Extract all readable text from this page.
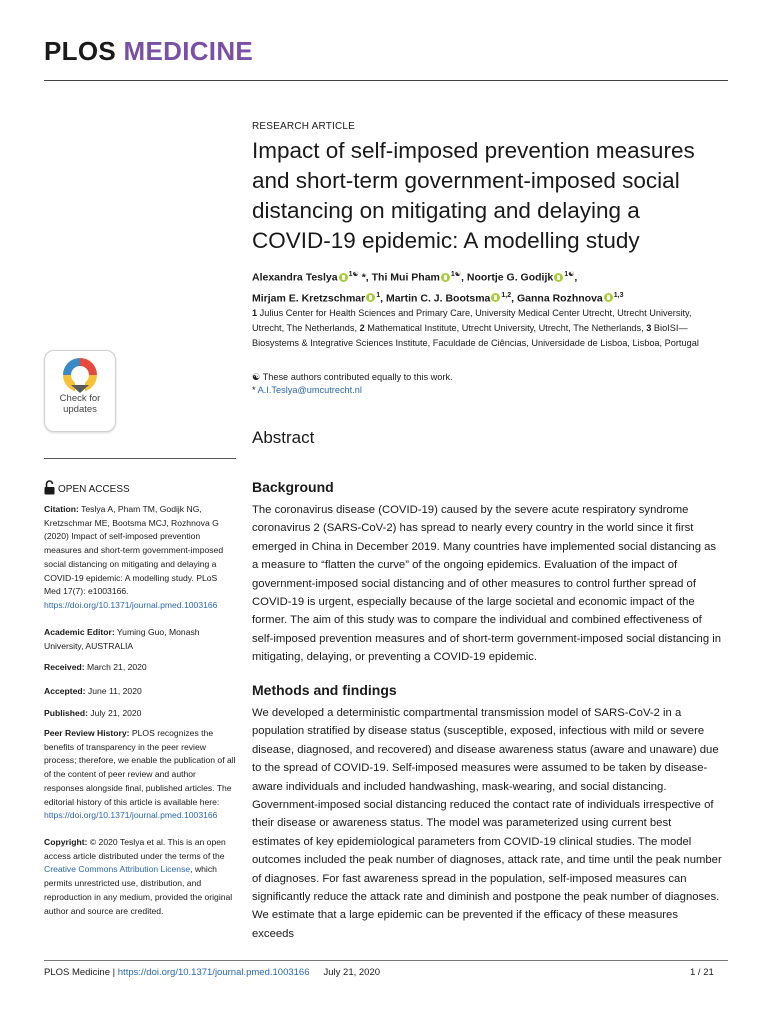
PLOS MEDICINE
Check for updates
OPEN ACCESS

Citation: Teslya A, Pham TM, Godijk NG, Kretzschmar ME, Bootsma MCJ, Rozhnova G (2020) Impact of self-imposed prevention measures and short-term government-imposed social distancing on mitigating and delaying a COVID-19 epidemic: A modelling study. PLoS Med 17(7): e1003166. https://doi.org/10.1371/journal.pmed.1003166

Academic Editor: Yuming Guo, Monash University, AUSTRALIA

Received: March 21, 2020

Accepted: June 11, 2020

Published: July 21, 2020

Peer Review History: PLOS recognizes the benefits of transparency in the peer review process; therefore, we enable the publication of all of the content of peer review and author responses alongside final, published articles. The editorial history of this article is available here: https://doi.org/10.1371/journal.pmed.1003166

Copyright: © 2020 Teslya et al. This is an open access article distributed under the terms of the Creative Commons Attribution License, which permits unrestricted use, distribution, and reproduction in any medium, provided the original author and source are credited.

RESEARCH ARTICLE
Impact of self-imposed prevention measures and short-term government-imposed social distancing on mitigating and delaying a COVID-19 epidemic: A modelling study
Alexandra Teslya $^{1☯}$ *, Thi Mui Pham $^{1☯}$, Noortje G. Godijk $^{1☯}$,
Mirjam E. Kretzschmar $^1$, Martin C. J. Bootsma $^{1,2}$, Ganna Rozhnova $^{1,3}$
1 Julius Center for Health Sciences and Primary Care, University Medical Center Utrecht, Utrecht University, Utrecht, The Netherlands, 2 Mathematical Institute, Utrecht University, Utrecht, The Netherlands, 3 BioISI—Biosystems & Integrative Sciences Institute, Faculdade de Ciências, Universidade de Lisboa, Lisboa, Portugal
☯ These authors contributed equally to this work.
* A.I.Teslya@umcutrecht.nl
Abstract
Background

The coronavirus disease (COVID-19) caused by the severe acute respiratory syndrome coronavirus 2 (SARS-CoV-2) has spread to nearly every country in the world since it first emerged in China in December 2019. Many countries have implemented social distancing as a measure to “flatten the curve” of the ongoing epidemics. Evaluation of the impact of government-imposed social distancing and of other measures to control further spread of COVID-19 is urgent, especially because of the large societal and economic impact of the former. The aim of this study was to compare the individual and combined effectiveness of self-imposed prevention measures and of short-term government-imposed social distancing in mitigating, delaying, or preventing a COVID-19 epidemic.

Methods and findings

We developed a deterministic compartmental transmission model of SARS-CoV-2 in a population stratified by disease status (susceptible, exposed, infectious with mild or severe disease, diagnosed, and recovered) and disease awareness status (aware and unaware) due to the spread of COVID-19. Self-imposed measures were assumed to be taken by disease-aware individuals and included handwashing, mask-wearing, and social distancing. Government-imposed social distancing reduced the contact rate of individuals irrespective of their disease or awareness status. The model was parameterized using current best estimates of key epidemiological parameters from COVID-19 clinical studies. The model outcomes included the peak number of diagnoses, attack rate, and time until the peak number of diagnoses. For fast awareness spread in the population, self-imposed measures can significantly reduce the attack rate and diminish and postpone the peak number of diagnoses. We estimate that a large epidemic can be prevented if the efficacy of these measures exceeds

PLOS Medicine | https://doi.org/10.1371/journal.pmed.1003166 July 21, 2020	1 / 21
